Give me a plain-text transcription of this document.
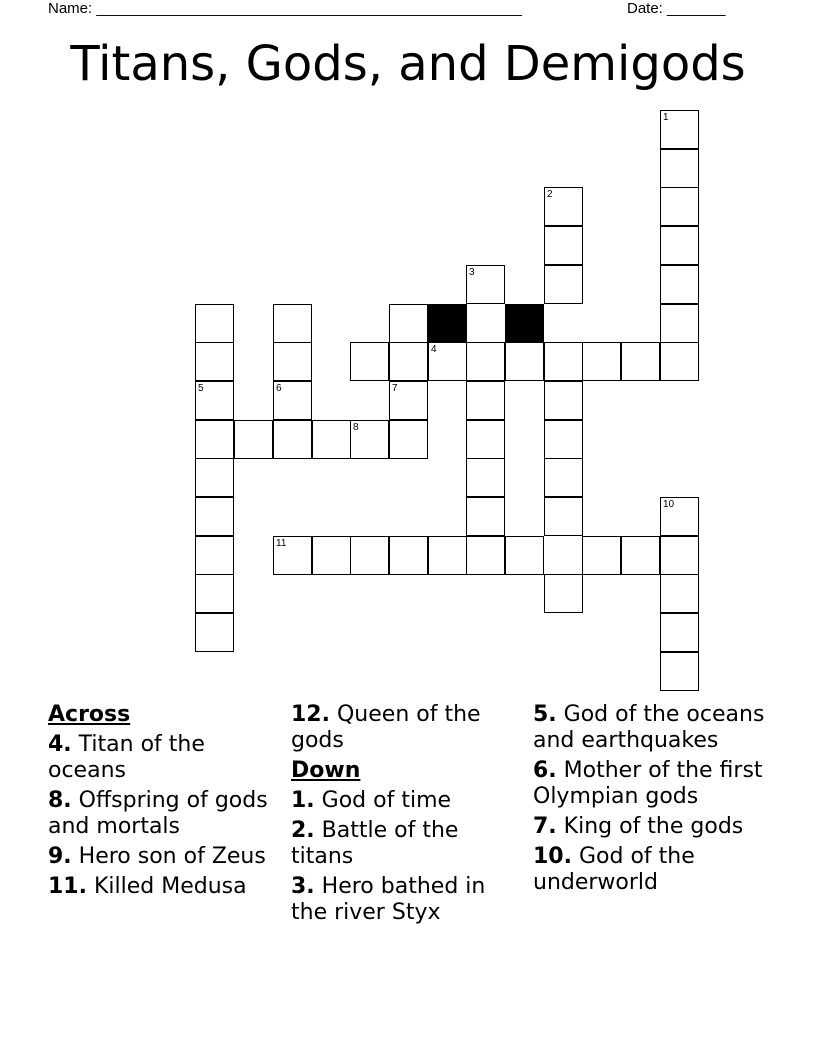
Name: ___________________________________________________	Date: _______
Titans, Gods, and Demigods
1
2
3
5	6	7
4
8
11
10
Across
4. Titan of the oceans
8. Offspring of gods and mortals
9. Hero son of Zeus
11. Killed Medusa
12. Queen of the gods
Down
1. God of time
2. Battle of the titans
3. Hero bathed in the river Styx
5. God of the oceans and earthquakes
6. Mother of the first Olympian gods
7. King of the gods
10. God of the underworld
